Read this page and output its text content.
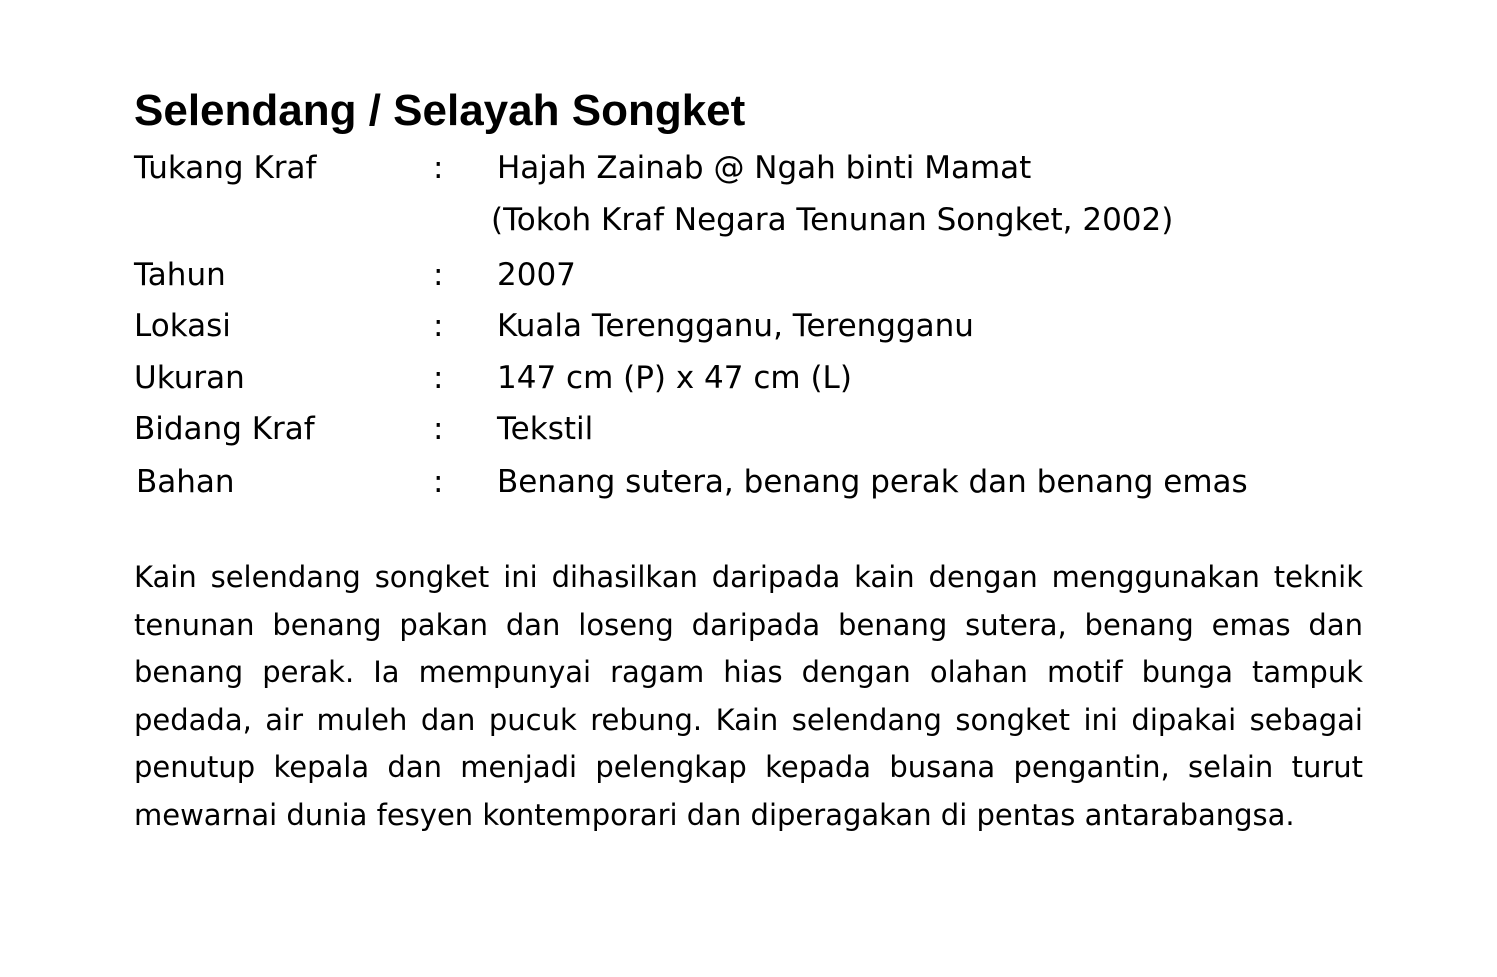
Selendang / Selayah Songket
Tukang Kraf	: Hajah Zainab @ Ngah binti Mamat
(Tokoh Kraf Negara Tenunan Songket, 2002)
Tahun	: 2007
Lokasi	: Kuala Terengganu, Terengganu
Ukuran	: 147 cm (P) x 47 cm (L)
Bidang Kraf	: Tekstil
Bahan	: Benang sutera, benang perak dan benang emas

Kain selendang songket ini dihasilkan daripada kain dengan menggunakan teknik tenunan benang pakan dan loseng daripada benang sutera, benang emas dan benang perak. Ia mempunyai ragam hias dengan olahan motif bunga tampuk pedada, air muleh dan pucuk rebung. Kain selendang songket ini dipakai sebagai penutup kepala dan menjadi pelengkap kepada busana pengantin, selain turut mewarnai dunia fesyen kontemporari dan diperagakan di pentas antarabangsa.
